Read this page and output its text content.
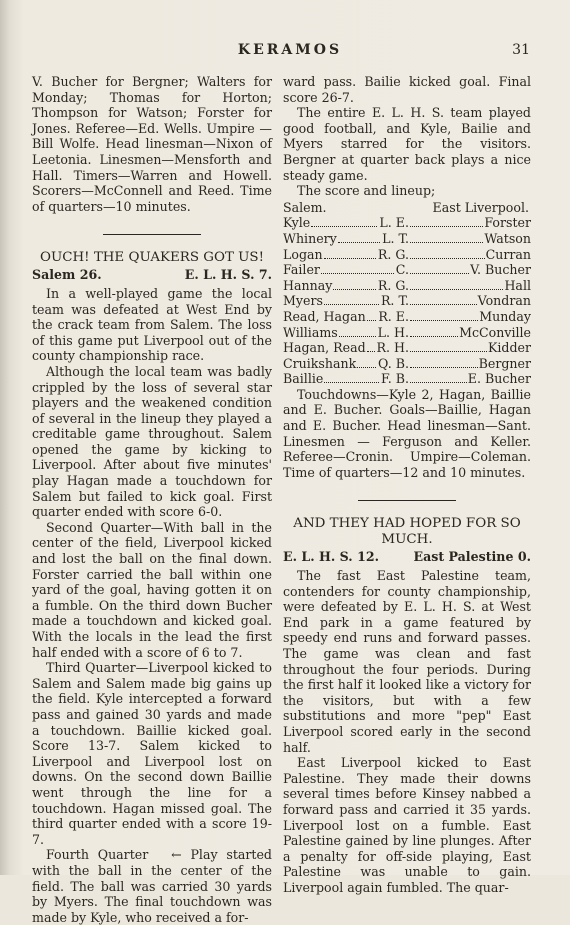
KERAMOS	31

V. Bucher for Bergner; Walters for Monday; Thomas for Horton; Thompson for Watson; Forster for Jones. Referee—Ed. Wells. Umpire —Bill Wolfe. Head linesman—Nixon of Leetonia. Linesmen—Mensforth and Hall. Timers—Warren and Howell. Scorers—McConnell and Reed. Time of quarters—10 minutes.

OUCH! THE QUAKERS GOT US!
Salem 26.	E. L. H. S. 7.

In a well-played game the local team was defeated at West End by the crack team from Salem. The loss of this game put Liverpool out of the county championship race.

Although the local team was badly crippled by the loss of several star players and the weakened condition of several in the lineup they played a creditable game throughout. Salem opened the game by kicking to Liverpool. After about five minutes' play Hagan made a touchdown for Salem but failed to kick goal. First quarter ended with score 6-0.

Second Quarter—With ball in the center of the field, Liverpool kicked and lost the ball on the final down. Forster carried the ball within one yard of the goal, having gotten it on a fumble. On the third down Bucher made a touchdown and kicked goal. With the locals in the lead the first half ended with a score of 6 to 7.

Third Quarter—Liverpool kicked to Salem and Salem made big gains up the field. Kyle intercepted a forward pass and gained 30 yards and made a touchdown. Baillie kicked goal. Score 13-7. Salem kicked to Liverpool and Liverpool lost on downs. On the second down Baillie went through the line for a touchdown. Hagan missed goal. The third quarter ended with a score 19-7.

Fourth Quarter ← Play started with the ball in the center of the field. The ball was carried 30 yards by Myers. The final touchdown was made by Kyle, who received a for-

ward pass. Bailie kicked goal. Final score 26-7.

The entire E. L. H. S. team played good football, and Kyle, Bailie and Myers starred for the visitors. Bergner at quarter back plays a nice steady game.

The score and lineup;

Salem.	East Liverpool.
Kyle	L. E.	Forster
Whinery	L. T.	Watson
Logan	R. G.	Curran
Failer	C.	V. Bucher
Hannay	R. G.	Hall
Myers	R. T.	Vondran
Read, Hagan R. E.	Munday
Williams	L. H.	McConville
Hagan, Read R. H.	Kidder
Cruikshank Q. B.	Bergner
Baillie	F. B.	E. Bucher

Touchdowns—Kyle 2, Hagan, Baillie and E. Bucher. Goals—Baillie, Hagan and E. Bucher. Head linesman—Sant. Linesmen — Ferguson and Keller. Referee—Cronin. Umpire—Coleman. Time of quarters—12 and 10 minutes.

AND THEY HAD HOPED FOR SO MUCH.
E. L. H. S. 12.	East Palestine 0.

The fast East Palestine team, contenders for county championship, were defeated by E. L. H. S. at West End park in a game featured by speedy end runs and forward passes. The game was clean and fast throughout the four periods. During the first half it looked like a victory for the visitors, but with a few substitutions and more "pep" East Liverpool scored early in the second half.

East Liverpool kicked to East Palestine. They made their downs several times before Kinsey nabbed a forward pass and carried it 35 yards. Liverpool lost on a fumble. East Palestine gained by line plunges. After a penalty for off-side playing, East Palestine was unable to gain. Liverpool again fumbled. The quar-
